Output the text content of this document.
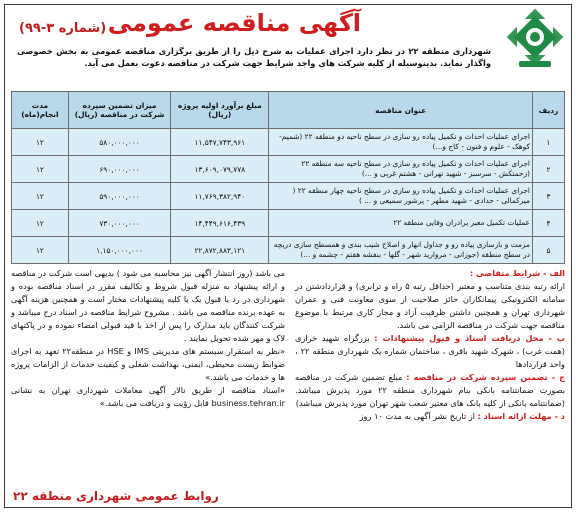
آگهی مناقصه عمومی
(شماره ۳-۹۹)
شهرداری منطقه ۲۲ در نظر دارد اجرای عملیات به شرح ذیل را از طریق برگزاری مناقصه عمومی به بخش خصوصی واگذار نماید. بدینوسیله از کلیه شرکت های واجد شرایط جهت شرکت در مناقصه دعوت بعمل می آید.
ردیف	عنوان مناقصه	مبلغ برآورد اولیه پروژه (ریال)	میزان تضمین سپرده شرکت در مناقصه (ریال)	مدت انجام(ماه)
۱	اجرای عملیات احداث و تکمیل پیاده رو سازی در سطح ناحیه دو منطقه ۲۲ (شمیم-کوهک - علوم و فنون - کاج و...)	۱۱,۵۴۷,۷۴۳,۹۶۱	۵۸۰,۰۰۰,۰۰۰	۱۲
۲	اجرای عملیات احداث و تکمیل پیاده رو سازی در سطح ناحیه سه منطقه ۲۲ (زحمتکش - سرسبز - شهید تهرانی - هشتم غربی و ...)	۱۳,۶۰۹,۰۷۹,۷۷۸	۶۹۰,۰۰۰,۰۰۰	۱۲
۳	اجرای عملیات احداث و تکمیل پیاده رو سازی در سطح ناحیه چهار منطقه ۲۲ ( میرکمالی - حدادی - شهید مطهر - پرشور سمیعی و ... )	۱۱,۷۶۹,۳۸۲,۹۴۰	۵۹۰,۰۰۰,۰۰۰	۱۲
۴	عملیات تکمیل معبر برادران وفایی منطقه ۲۲	۱۴,۴۴۹,۶۱۶,۴۳۹	۷۳۰,۰۰۰,۰۰۰	۱۲
۵	مرمت و بازسازی پیاده رو و جداول انهار و اصلاح شیب بندی و همسطح سازی دریچه در سطح منطقه (جوزانی - مروارید شهر - گلها - بنفشه هفتم - چشمه و ...)	۲۲,۸۷۲,۸۸۳,۱۲۱	۱,۱۵۰,۰۰۰,۰۰۰	۱۲
الف - شرایط متقاضی :
ارائه رتبه بندی متناسب و معتبر (حداقل رتبه ۵ راه و ترابری) و قراردادشتن در سامانه الکترونیکی پیمانکاران حائز صلاحیت از سوی معاونت فنی و عمران شهرداری تهران و همچنین داشتن ظرفیت آزاد و مجاز کاری مرتبط با موضوع مناقصه جهت شرکت در مناقصه الزامی می باشد.
ب - محل دریافت اسناد و قبول پیشنهادات : بزرگراه شهید خرازی (همت غرب) ، شهرک شهید باقری ، ساختمان شماره یک شهرداری منطقه ۲۲ ، واحد قراردادها
ج - تضمین سپرده شرکت در مناقصه : مبلغ تضمین شرکت در مناقصه بصورت ضمانتنامه بانکی بنام شهرداری منطقه ۲۲ مورد پذیرش میباشد. (ضمانتنامه بانکی از کلیه بانک های معتبر شعب شهر تهران مورد پذیرش میباشد)
د - مهلت ارائه اسناد : از تاریخ نشر آگهی به مدت ۱۰ روز
می باشد (روز انتشار آگهی نیز محاسبه می شود ) بدیهی است شرکت در مناقصه و ارائه پیشنهاد به منزله قبول شروط و تکالیف مقرر در اسناد مناقصه بوده و شهرداری در رد یا قبول یک یا کلیه پیشنهادات مختار است و همچنین هزینه آگهی به عهده برنده مناقصه می باشد . مشروح شرایط مناقصه در اسناد درج میباشد و شرکت کنندگان باید مدارک را پس از اخذ با قید قبولی امضاء نموده و در پاکتهای لاک و مهر شده تحویل نمایند .
«نظر به استقرار سیستم های مدیریتی IMS و HSE در منطقه۲۲ تعهد به اجرای ضوابط زیست محیطی، ایمنی، بهداشت شغلی و کیفیت خدمات از الزامات پروژه ها و خدمات می باشد.»
«اسناد مناقصه از طریق تالار آگهی معاملات شهرداری تهران به نشانی business.tehran.ir قابل رؤیت و دریافت می باشد.»
روابط عمومی شهرداری منطقه ۲۲
